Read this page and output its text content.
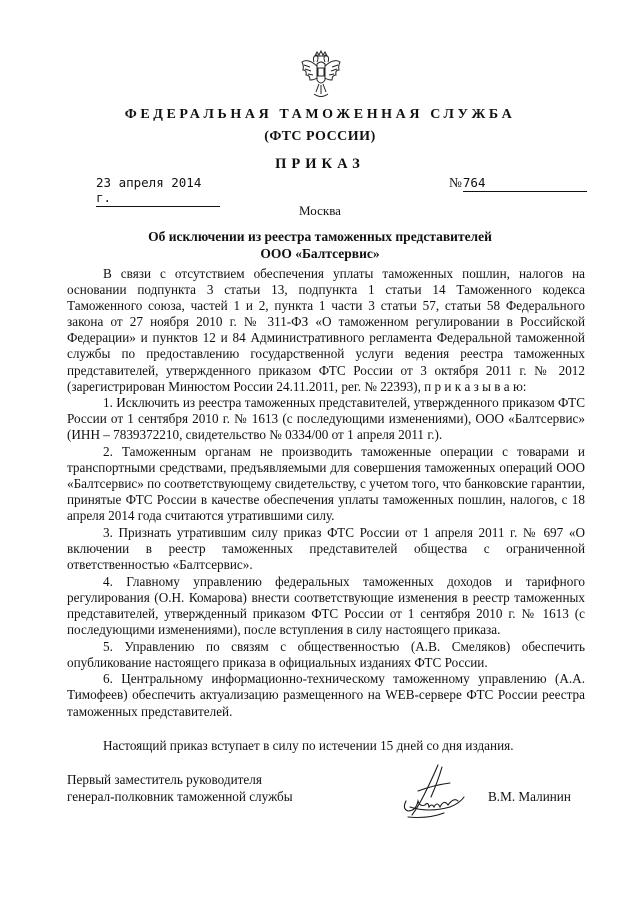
ФЕДЕРАЛЬНАЯ ТАМОЖЕННАЯ СЛУЖБА
(ФТС РОССИИ)
ПРИКАЗ
23 апреля 2014 г.
№764
Москва
Об исключении из реестра таможенных представителей
ООО «Балтсервис»

В связи с отсутствием обеспечения уплаты таможенных пошлин, налогов на основании подпункта 3 статьи 13, подпункта 1 статьи 14 Таможенного кодекса Таможенного союза, частей 1 и 2, пункта 1 части 3 статьи 57, статьи 58 Федерального закона от 27 ноября 2010 г. № 311-ФЗ «О таможенном регулировании в Российской Федерации» и пунктов 12 и 84 Административного регламента Федеральной таможенной службы по предоставлению государственной услуги ведения реестра таможенных представителей, утвержденного приказом ФТС России от 3 октября 2011 г. № 2012 (зарегистрирован Минюстом России 24.11.2011, рег. № 22393), п р и к а з ы в а ю:

1. Исключить из реестра таможенных представителей, утвержденного приказом ФТС России от 1 сентября 2010 г. № 1613 (с последующими изменениями), ООО «Балтсервис» (ИНН – 7839372210, свидетельство № 0334/00 от 1 апреля 2011 г.).

2. Таможенным органам не производить таможенные операции с товарами и транспортными средствами, предъявляемыми для совершения таможенных операций ООО «Балтсервис» по соответствующему свидетельству, с учетом того, что банковские гарантии, принятые ФТС России в качестве обеспечения уплаты таможенных пошлин, налогов, с 18 апреля 2014 года считаются утратившими силу.

3. Признать утратившим силу приказ ФТС России от 1 апреля 2011 г. № 697 «О включении в реестр таможенных представителей общества с ограниченной ответственностью «Балтсервис».

4. Главному управлению федеральных таможенных доходов и тарифного регулирования (О.Н. Комарова) внести соответствующие изменения в реестр таможенных представителей, утвержденный приказом ФТС России от 1 сентября 2010 г. № 1613 (с последующими изменениями), после вступления в силу настоящего приказа.

5. Управлению по связям с общественностью (А.В. Смеляков) обеспечить опубликование настоящего приказа в официальных изданиях ФТС России.

6. Центральному информационно-техническому таможенному управлению (А.А. Тимофеев) обеспечить актуализацию размещенного на WEB-сервере ФТС России реестра таможенных представителей.

Настоящий приказ вступает в силу по истечении 15 дней со дня издания.
Первый заместитель руководителя
генерал-полковник таможенной службы	В.М. Малинин
